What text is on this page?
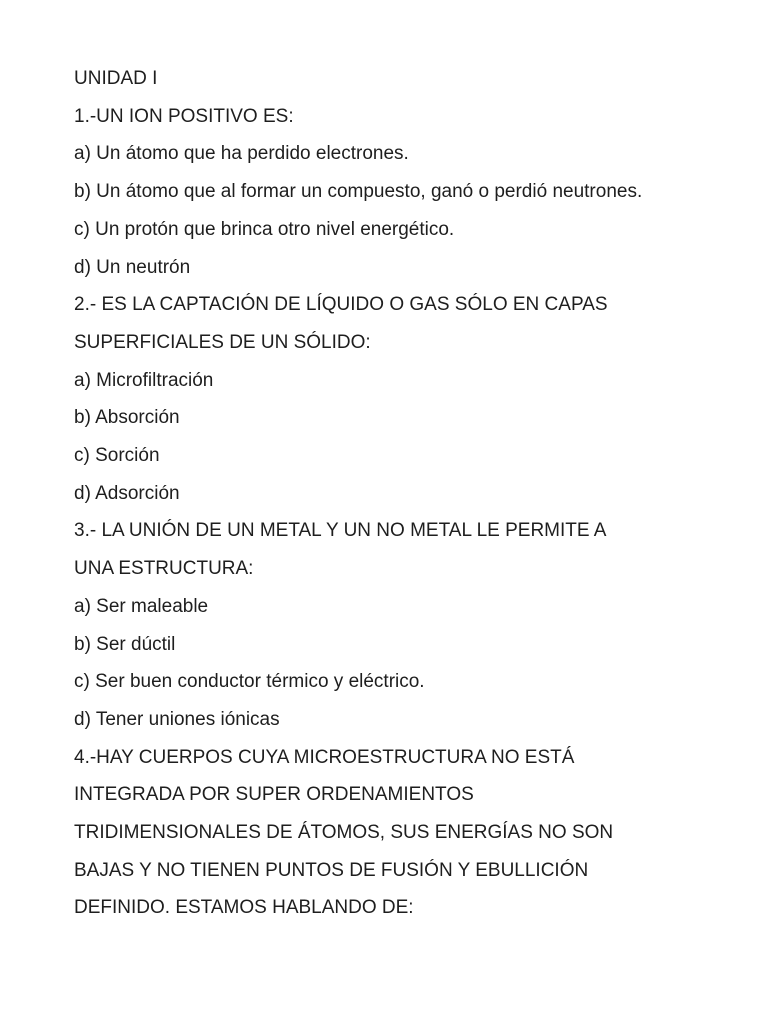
UNIDAD I
1.-UN ION POSITIVO ES:
a) Un átomo que ha perdido electrones.
b) Un átomo que al formar un compuesto, ganó o perdió neutrones.
c) Un protón que brinca otro nivel energético.
d) Un neutrón
2.- ES LA CAPTACIÓN DE LÍQUIDO O GAS SÓLO EN CAPAS
SUPERFICIALES DE UN SÓLIDO:
a) Microfiltración
b) Absorción
c) Sorción
d) Adsorción
3.- LA UNIÓN DE UN METAL Y UN NO METAL LE PERMITE A
UNA ESTRUCTURA:
a) Ser maleable
b) Ser dúctil
c) Ser buen conductor térmico y eléctrico.
d) Tener uniones iónicas
4.-HAY CUERPOS CUYA MICROESTRUCTURA NO ESTÁ
INTEGRADA POR SUPER ORDENAMIENTOS
TRIDIMENSIONALES DE ÁTOMOS, SUS ENERGÍAS NO SON
BAJAS Y NO TIENEN PUNTOS DE FUSIÓN Y EBULLICIÓN
DEFINIDO. ESTAMOS HABLANDO DE:
